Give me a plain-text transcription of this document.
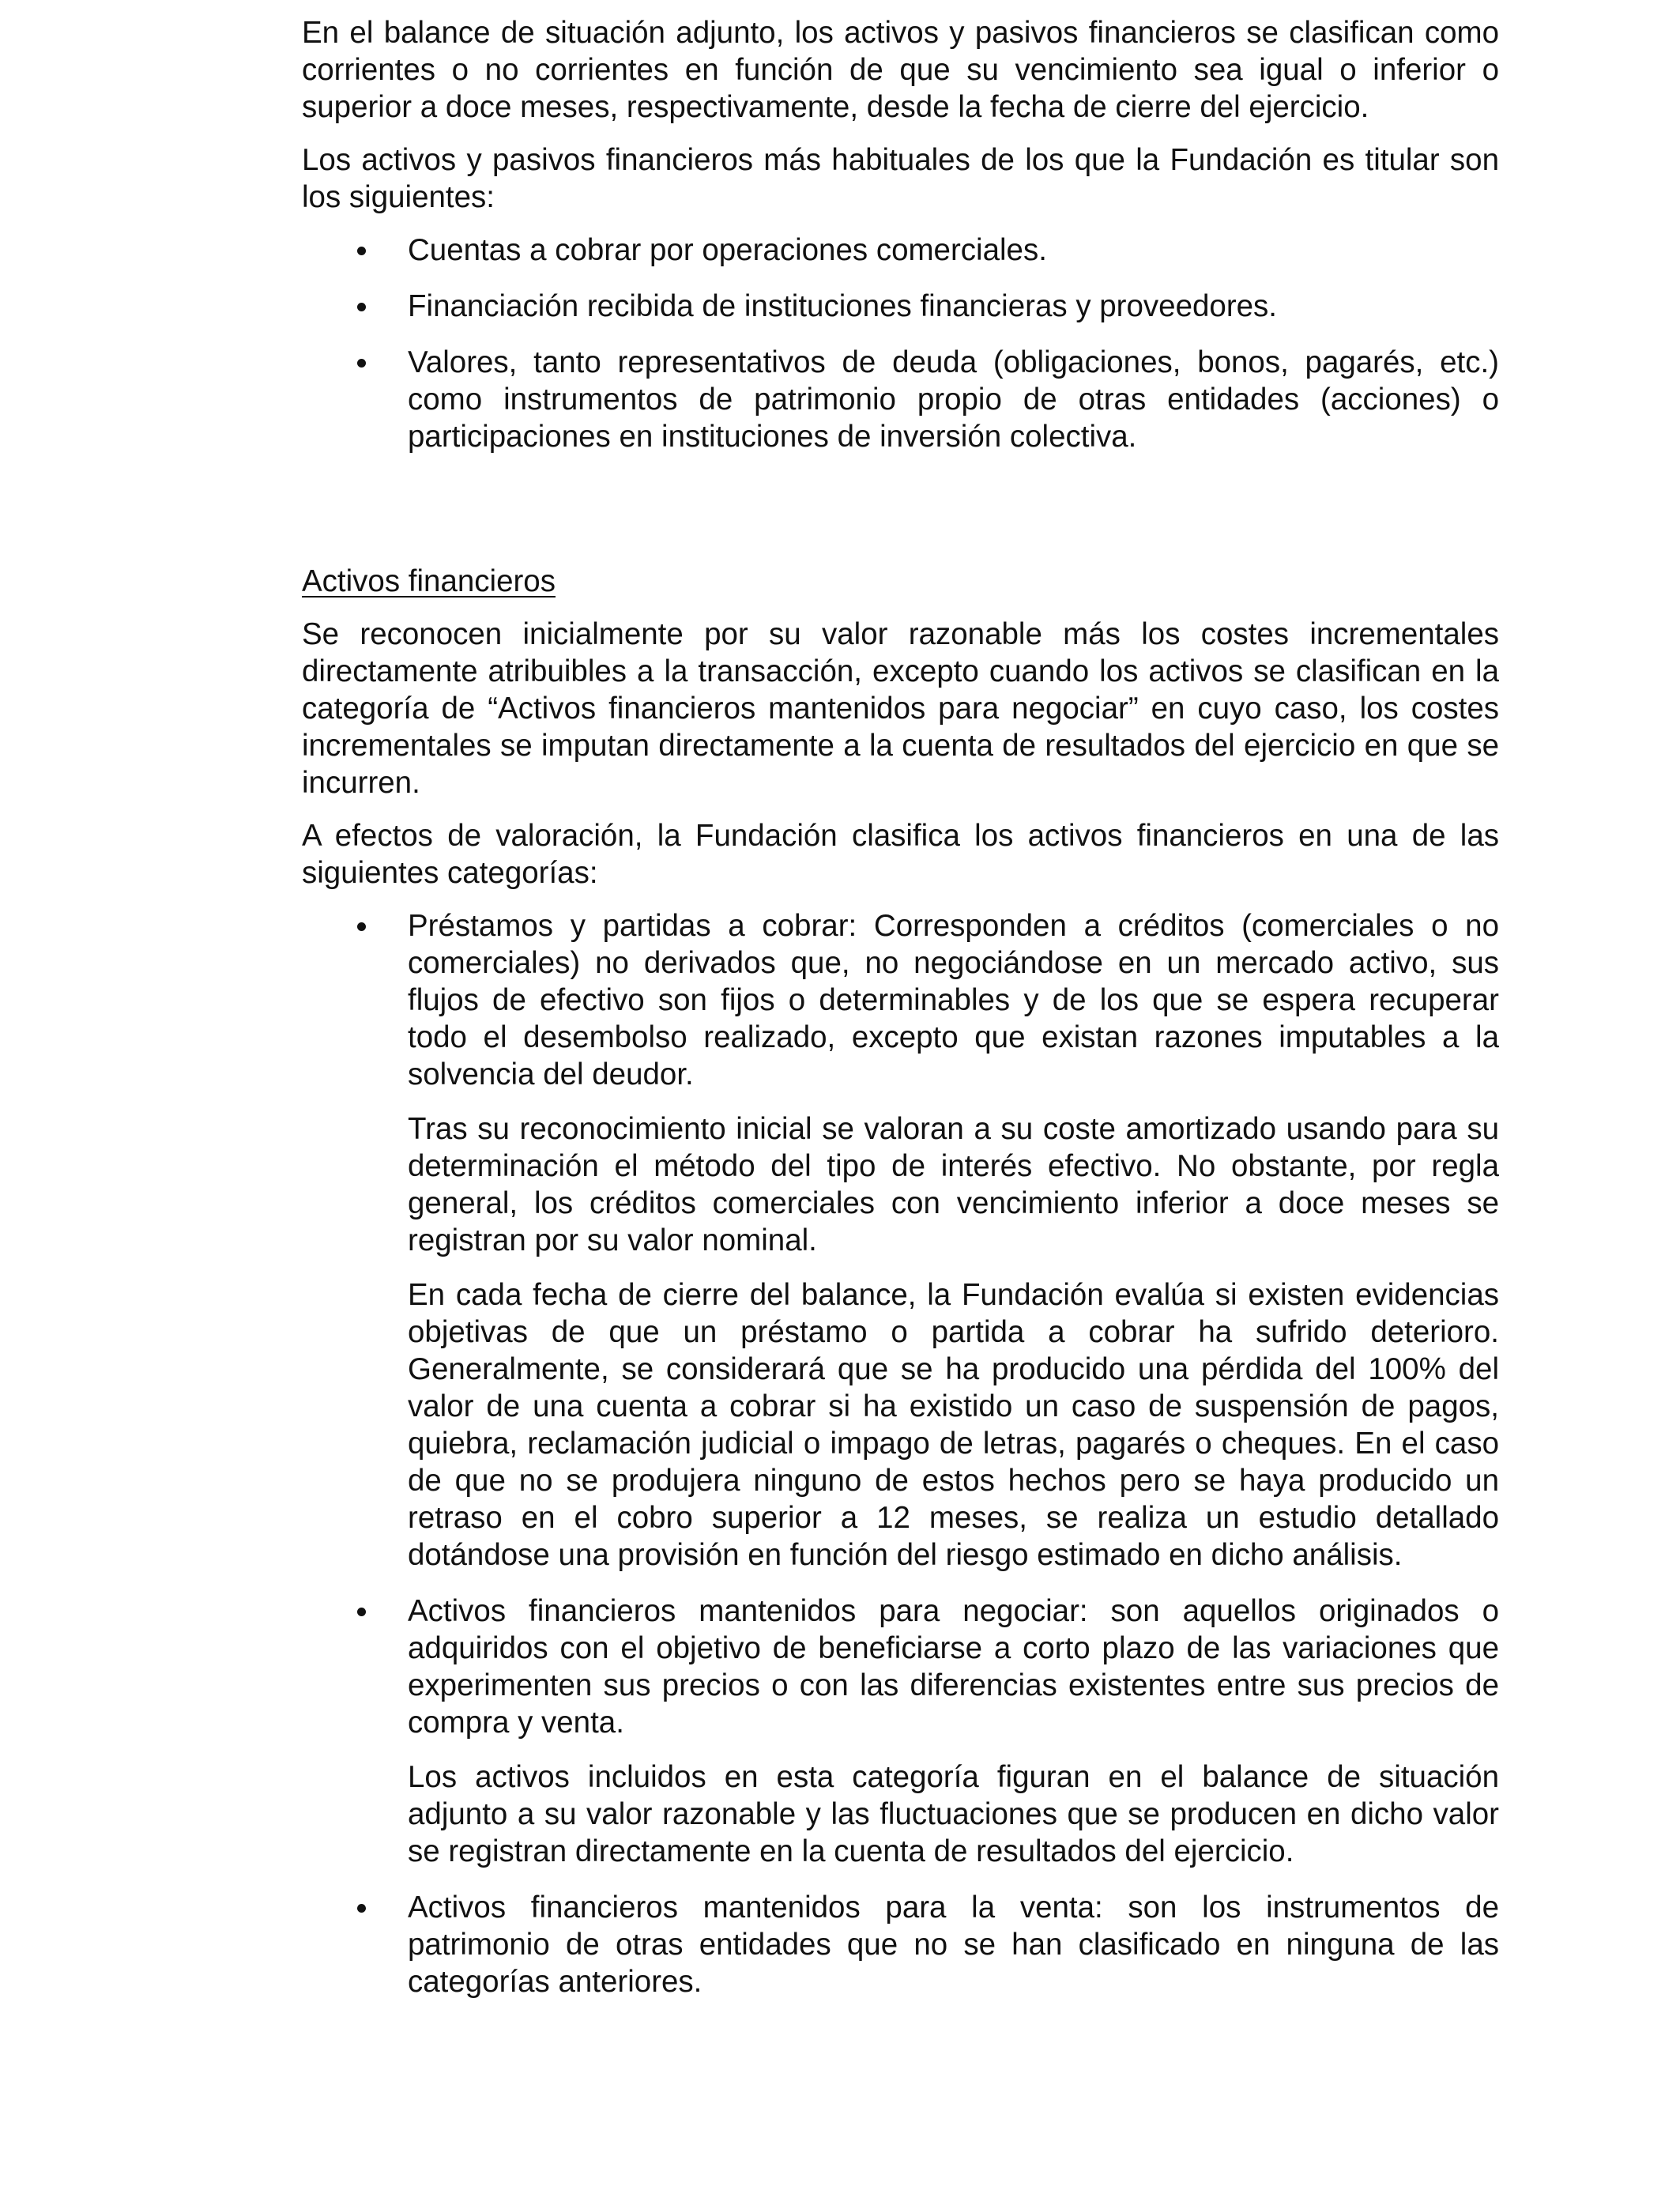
En el balance de situación adjunto, los activos y pasivos financieros se clasifican como corrientes o no corrientes en función de que su vencimiento sea igual o inferior o superior a doce meses, respectivamente, desde la fecha de cierre del ejercicio.

Los activos y pasivos financieros más habituales de los que la Fundación es titular son los siguientes:

Cuentas a cobrar por operaciones comerciales.

Financiación recibida de instituciones financieras y proveedores.

Valores, tanto representativos de deuda (obligaciones, bonos, pagarés, etc.) como instrumentos de patrimonio propio de otras entidades (acciones) o participaciones en instituciones de inversión colectiva.

Activos financieros

Se reconocen inicialmente por su valor razonable más los costes incrementales directamente atribuibles a la transacción, excepto cuando los activos se clasifican en la categoría de “Activos financieros mantenidos para negociar” en cuyo caso, los costes incrementales se imputan directamente a la cuenta de resultados del ejercicio en que se incurren.

A efectos de valoración, la Fundación clasifica los activos financieros en una de las siguientes categorías:

Préstamos y partidas a cobrar: Corresponden a créditos (comerciales o no comerciales) no derivados que, no negociándose en un mercado activo, sus flujos de efectivo son fijos o determinables y de los que se espera recuperar todo el desembolso realizado, excepto que existan razones imputables a la solvencia del deudor.

Tras su reconocimiento inicial se valoran a su coste amortizado usando para su determinación el método del tipo de interés efectivo. No obstante, por regla general, los créditos comerciales con vencimiento inferior a doce meses se registran por su valor nominal.

En cada fecha de cierre del balance, la Fundación evalúa si existen evidencias objetivas de que un préstamo o partida a cobrar ha sufrido deterioro. Generalmente, se considerará que se ha producido una pérdida del 100% del valor de una cuenta a cobrar si ha existido un caso de suspensión de pagos, quiebra, reclamación judicial o impago de letras, pagarés o cheques. En el caso de que no se produjera ninguno de estos hechos pero se haya producido un retraso en el cobro superior a 12 meses, se realiza un estudio detallado dotándose una provisión en función del riesgo estimado en dicho análisis.

Activos financieros mantenidos para negociar: son aquellos originados o adquiridos con el objetivo de beneficiarse a corto plazo de las variaciones que experimenten sus precios o con las diferencias existentes entre sus precios de compra y venta.

Los activos incluidos en esta categoría figuran en el balance de situación adjunto a su valor razonable y las fluctuaciones que se producen en dicho valor se registran directamente en la cuenta de resultados del ejercicio.

Activos financieros mantenidos para la venta: son los instrumentos de patrimonio de otras entidades que no se han clasificado en ninguna de las categorías anteriores.
